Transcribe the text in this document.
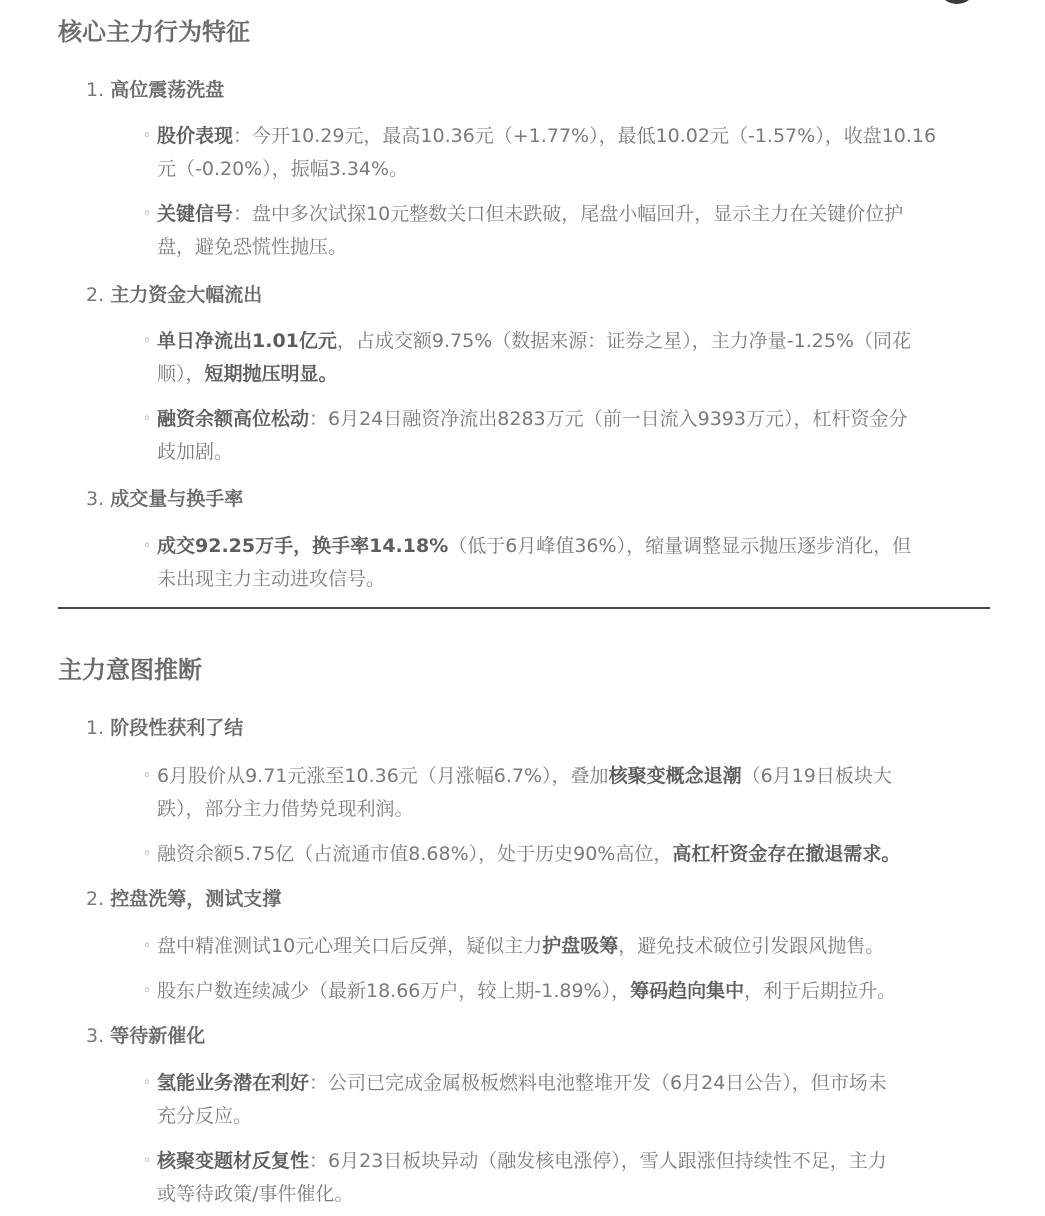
核心主力行为特征
1. 高位震荡洗盘
◦ 股价表现：今开10.29元，最高10.36元（+1.77%），最低10.02元（-1.57%），收盘10.16
元（-0.20%），振幅3.34%。
◦ 关键信号：盘中多次试探10元整数关口但未跌破，尾盘小幅回升，显示主力在关键价位护
盘，避免恐慌性抛压。
2. 主力资金大幅流出
◦ 单日净流出1.01亿元，占成交额9.75%（数据来源：证券之星），主力净量-1.25%（同花
顺），短期抛压明显。
◦ 融资余额高位松动：6月24日融资净流出8283万元（前一日流入9393万元），杠杆资金分
歧加剧。
3. 成交量与换手率
◦ 成交92.25万手，换手率14.18%（低于6月峰值36%），缩量调整显示抛压逐步消化，但
未出现主力主动进攻信号。
主力意图推断
1. 阶段性获利了结
◦ 6月股价从9.71元涨至10.36元（月涨幅6.7%），叠加核聚变概念退潮（6月19日板块大
跌），部分主力借势兑现利润。
◦ 融资余额5.75亿（占流通市值8.68%），处于历史90%高位，高杠杆资金存在撤退需求。
2. 控盘洗筹，测试支撑
◦ 盘中精准测试10元心理关口后反弹，疑似主力护盘吸筹，避免技术破位引发跟风抛售。
◦ 股东户数连续减少（最新18.66万户，较上期-1.89%），筹码趋向集中，利于后期拉升。
3. 等待新催化
◦ 氢能业务潜在利好：公司已完成金属极板燃料电池整堆开发（6月24日公告），但市场未
充分反应。
◦ 核聚变题材反复性：6月23日板块异动（融发核电涨停），雪人跟涨但持续性不足，主力
或等待政策/事件催化。
